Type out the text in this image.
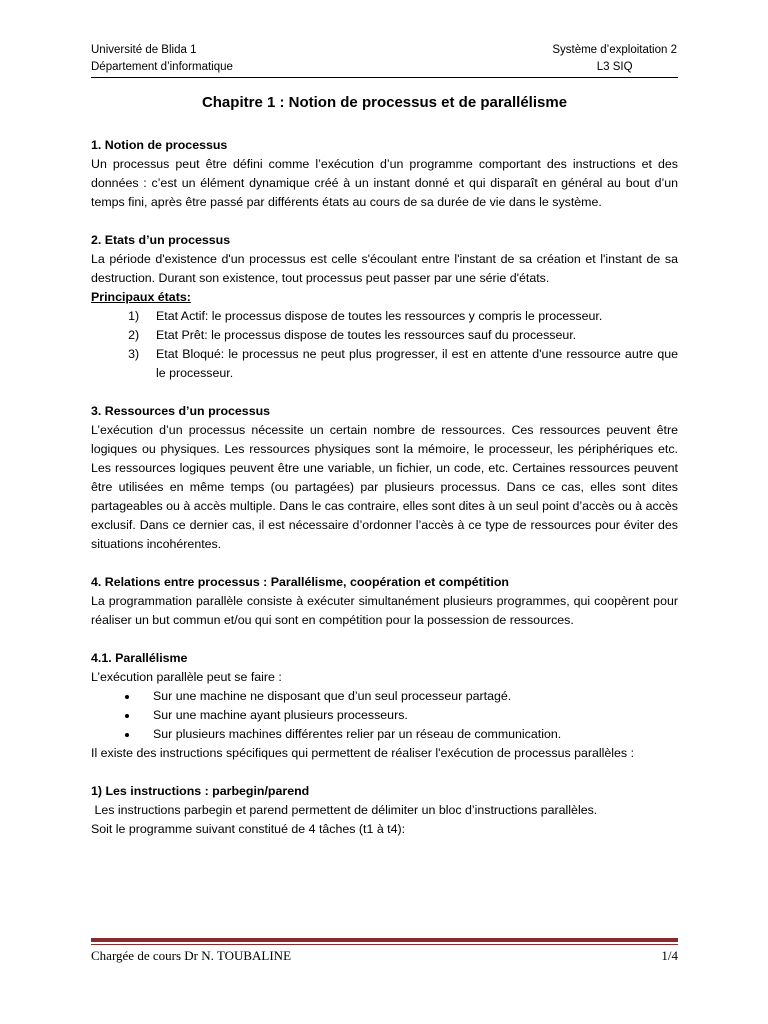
Université de Blida 1
Département d’informatique
Système d’exploitation 2
L3 SIQ
Chapitre 1 : Notion de processus et de parallélisme
1. Notion de processus

Un processus peut être défini comme l’exécution d’un programme comportant des instructions et des données : c’est un élément dynamique créé à un instant donné et qui disparaît en général au bout d’un temps fini, après être passé par différents états au cours de sa durée de vie dans le système.

2. Etats d’un processus

La période d'existence d'un processus est celle s'écoulant entre l'instant de sa création et l'instant de sa destruction. Durant son existence, tout processus peut passer par une série d'états.

Principaux états:
1. Etat Actif: le processus dispose de toutes les ressources y compris le processeur.
2. Etat Prêt: le processus dispose de toutes les ressources sauf du processeur.
3. Etat Bloqué: le processus ne peut plus progresser, il est en attente d'une ressource autre que le processeur.
3. Ressources d’un processus

L’exécution d’un processus nécessite un certain nombre de ressources. Ces ressources peuvent être logiques ou physiques. Les ressources physiques sont la mémoire, le processeur, les périphériques etc. Les ressources logiques peuvent être une variable, un fichier, un code, etc. Certaines ressources peuvent être utilisées en même temps (ou partagées) par plusieurs processus. Dans ce cas, elles sont dites partageables ou à accès multiple. Dans le cas contraire, elles sont dites à un seul point d’accès ou à accès exclusif. Dans ce dernier cas, il est nécessaire d’ordonner l’accès à ce type de ressources pour éviter des situations incohérentes.

4. Relations entre processus : Parallélisme, coopération et compétition

La programmation parallèle consiste à exécuter simultanément plusieurs programmes, qui coopèrent pour réaliser un but commun et/ou qui sont en compétition pour la possession de ressources.

4.1. Parallélisme

L’exécution parallèle peut se faire :

• Sur une machine ne disposant que d’un seul processeur partagé.
• Sur une machine ayant plusieurs processeurs.
• Sur plusieurs machines différentes relier par un réseau de communication.

Il existe des instructions spécifiques qui permettent de réaliser l'exécution de processus parallèles :

1) Les instructions : parbegin/parend

Les instructions parbegin et parend permettent de délimiter un bloc d’instructions parallèles.

Soit le programme suivant constitué de 4 tâches (t1 à t4):

Chargée de cours Dr N. TOUBALINE	1/4
